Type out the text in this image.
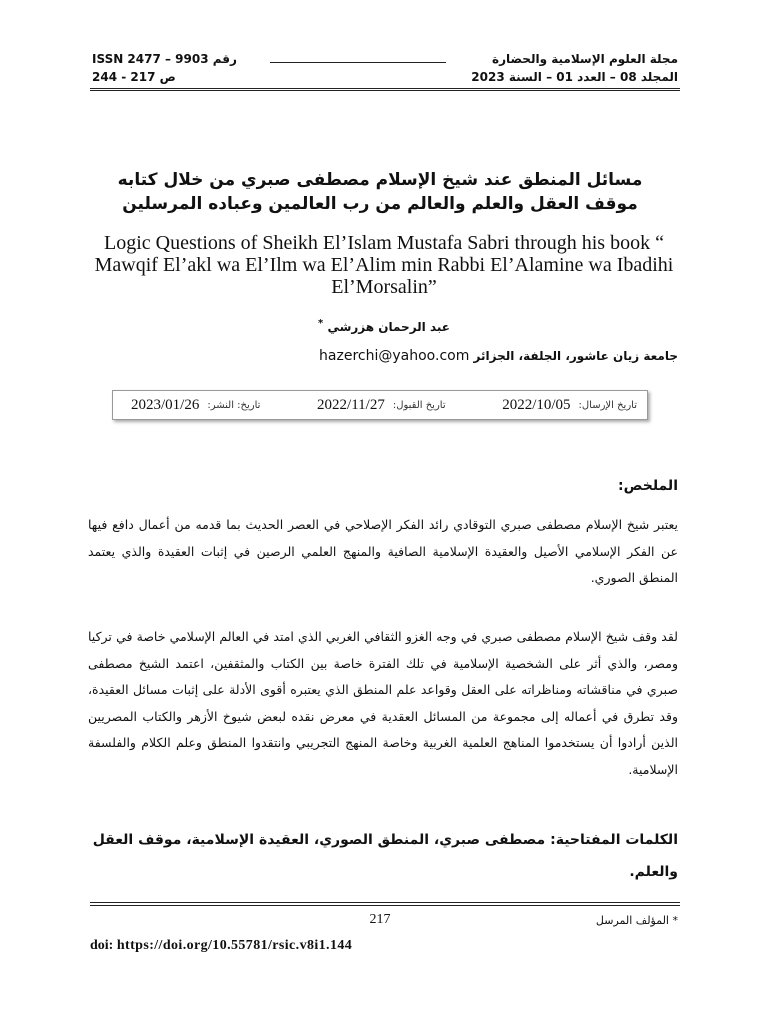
مجلة العلوم الإسلامية والحضارة
المجلد 08 – العدد 01 – السنة 2023
ISSN 2477 – 9903 رقم
ص 217 - 244
مسائل المنطق عند شيخ الإسلام مصطفى صبري من خلال كتابه موقف العقل والعلم والعالم من رب العالمين وعباده المرسلين
Logic Questions of Sheikh El’Islam Mustafa Sabri through his book “ Mawqif El’akl wa El’Ilm wa El’Alim min Rabbi El’Alamine wa Ibadihi El’Morsalin”
عبد الرحمان هزرشي *
جامعة زيان عاشور، الجلفة، الجزائر hazerchi@yahoo.com
تاريخ الإرسال:
2022/10/05
تاريخ القبول:
2022/11/27
تاريخ: النشر:
2023/01/26
الملخص:
يعتبر شيخ الإسلام مصطفى صبري التوقادي رائد الفكر الإصلاحي في العصر الحديث بما قدمه من أعمال دافع فيها عن الفكر الإسلامي الأصيل والعقيدة الإسلامية الصافية والمنهج العلمي الرصين في إثبات العقيدة والذي يعتمد المنطق الصوري.
لقد وقف شيخ الإسلام مصطفى صبري في وجه الغزو الثقافي الغربي الذي امتد في العالم الإسلامي خاصة في تركيا ومصر، والذي أثر على الشخصية الإسلامية في تلك الفترة خاصة بين الكتاب والمثقفين، اعتمد الشيخ مصطفى صبري في مناقشاته ومناظراته على العقل وقواعد علم المنطق الذي يعتبره أقوى الأدلة على إثبات مسائل العقيدة، وقد تطرق في أعماله إلى مجموعة من المسائل العقدية في معرض نقده لبعض شيوخ الأزهر والكتاب المصريين الذين أرادوا أن يستخدموا المناهج العلمية الغربية وخاصة المنهج التجريبي وانتقدوا المنطق وعلم الكلام والفلسفة الإسلامية.
الكلمات المفتاحية: مصطفى صبري، المنطق الصوري، العقيدة الإسلامية، موقف العقل والعلم.
217	* المؤلف المرسل
doi: https://doi.org/10.55781/rsic.v8i1.144
